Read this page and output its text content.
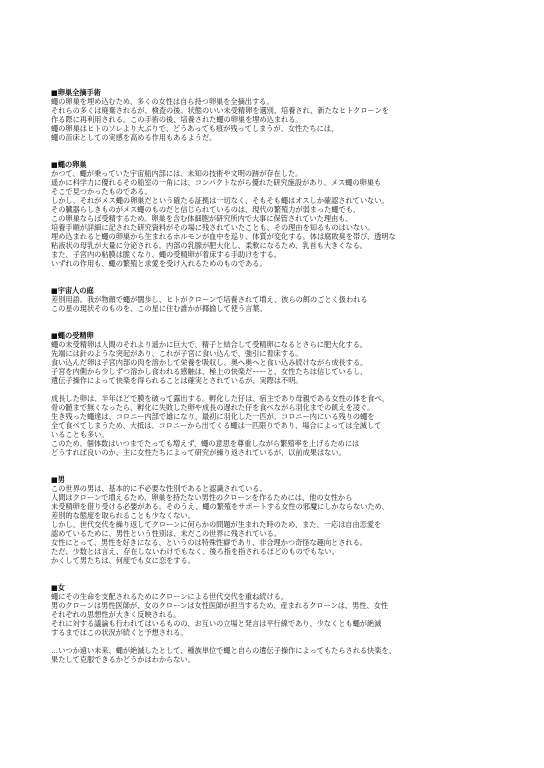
■卵巣全摘手術

蠅の卵巣を埋め込むため、多くの女性は自ら持つ卵巣を全摘出する。

それらの多くは廃棄されるが、検査の後、状態のいい未受精卵を選別、培養され、新たなヒトクローンを

作る際に再利用される。この手術の後、培養された蠅の卵巣を埋め込まれる。

蠅の卵巣はヒトのソレより大ぶりで、どうあっても痕が残ってしまうが、女性たちには、

蠅の苗床としての実感を高める作用もあるようだ。

■蠅の卵巣

かつて、蠅が乗っていた宇宙船内部には、未知の技術や文明の跡が存在した。

遥かに科学力に優れるその船室の一角には、コンパクトながら優れた研究施設があり、メス蠅の卵巣も

そこで見つかったものである。

しかし、それがメス蠅の卵巣だという確たる証拠は一切なく、そもそも蠅はオスしか確認されていない。

その臓器らしきものがメス蠅のものだと信じられているのは、現代の繁殖力が弱まった蠅でも、

この卵巣ならば受精するため。卵巣を含む体細胞が研究所内で大事に保管されていた理由も、

培養手順が詳細に記された研究資料がその場に残されていたことも、その理由を知るものはいない。

埋め込まれると蠅の卵巣から生まれるホルモンが血中を巡り、体質が変化する。体は腐敗臭を帯び、透明な

粘液状の母乳が大量に分泌される。内部の乳腺が肥大化し、柔軟になるため、乳首も大きくなる。

また、子宮内の粘膜は脆くなり、蠅の受精卵が着床する手助けをする。

いずれの作用も、蠅の繁殖と求愛を受け入れるためのものである。

■宇宙人の庭

差別用語。我が物顔で蠅が闊歩し、ヒトがクローンで培養されて増え、彼らの餌のごとく扱われる

この星の現状そのものを、この星に住む誰かが揶揄して使う言葉。

■蠅の受精卵

蠅の未受精卵は人間のそれより遥かに巨大で、精子と結合して受精卵になるとさらに肥大化する。

先端には針のような突起があり、これが子宮に食い込んで、強引に着床する。

食い込んだ卵は子宮内部の肉を溶かして栄養を吸収し、奥へ奥へと食い込み続けながら成長する。

子宮を内側から少しずつ溶かし食われる感触は、極上の快楽だーーと、女性たちは信じているし、

遺伝子操作によって快楽を得られることは確実とされているが、実際は不明。

成長した卵は、半年ほどで膜を破って露出する。孵化した仔は、宿主であり母親である女性の体を食べ、

骨の髄まで無くなったら、孵化に失敗した卵や成長の遅れた仔を食べながら羽化までの飢えを凌ぐ。

生き残った蠅達は、コロニー内部で雄になり、最初に羽化した一匹が、コロニー内にいる残りの蠅を

全て食べてしまうため、大抵は、コロニーから出てくる蠅は一匹限りであり、場合によっては全滅して

いることも多い。

このため、個体数はいつまでたっても増えず、蠅の意思を尊重しながら繁殖率を上げるためには

どうすれば良いのか、主に女性たちによって研究が繰り返されているが、以前成果はない。

■男

この世界の男は、基本的に不必要な性別であると認識されている。

人間はクローンで増えるため、卵巣を持たない男性のクローンを作るためには、他の女性から

未受精卵を借り受ける必要がある。そのうえ、蠅の繁殖をサポートする女性の邪魔にしかならないため、

差別的な態度を取られることも少なくない。

しかし、世代交代を繰り返してクローンに何らかの問題が生まれた時のため、また、一応は自由恋愛を

認めているために、男性という性別は、未だこの世界に残されている。

女性にとって、男性を好きになる、というのは特殊性癖であり、非合理かつ奇怪な趣向とされる。

ただ、少数とは言え、存在しないわけでもなく、後ろ指を指されるほどのものでもない。

かくして男たちは、何度でも女に恋をする。

■女

蠅にその生命を支配されるためにクローンによる世代交代を重ね続ける。

男のクローンは男性医師が、女のクローンは女性医師が担当するため、産まれるクローンは、男性、女性

それぞれの思想性が大きく反映される。

それに対する議論も行われてはいるものの、お互いの立場と発言は平行線であり、少なくとも蠅が絶滅

するまではこの状況が続くと予想される。

…いつか遠い未来、蠅が絶滅したとして、種族単位で蠅と自らの遺伝子操作によってもたらされる快楽を、

果たして克服できるかどうかはわからない。
